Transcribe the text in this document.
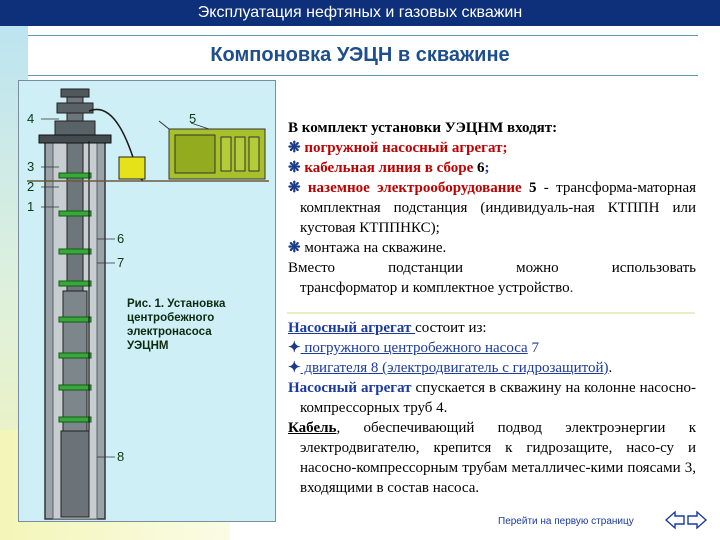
Эксплуатация нефтяных и газовых скважин
Компоновка УЭЦН в скважине
4
3
2
1
5
6
7
8
Рис. 1. Установка
центробежного
электронасоса
УЭЦНМ

В комплект установки УЭЦНМ входят:

❋ погружной насосный агрегат;

❋ кабельная линия в сборе 6;

❋ наземное электрооборудование 5 - трансформа-маторная комплектная подстанция (индивидуаль-ная КТППН или кустовая КТППНКС);

❋ монтажа на скважине.

Вместо подстанции можно использовать

трансформатор и комплектное устройство.

Насосный агрегат состоит из:

✦ погружного центробежного насоса 7

✦ двигателя 8 (электродвигатель с гидрозащитой).

Насосный агрегат спускается в скважину на колонне насосно-компрессорных труб 4.

Кабель, обеспечивающий подвод электроэнергии к электродвигателю, крепится к гидрозащите, насо-су и насосно-компрессорным трубам металличес-кими поясами 3, входящими в состав насоса.

Перейти на первую страницу
